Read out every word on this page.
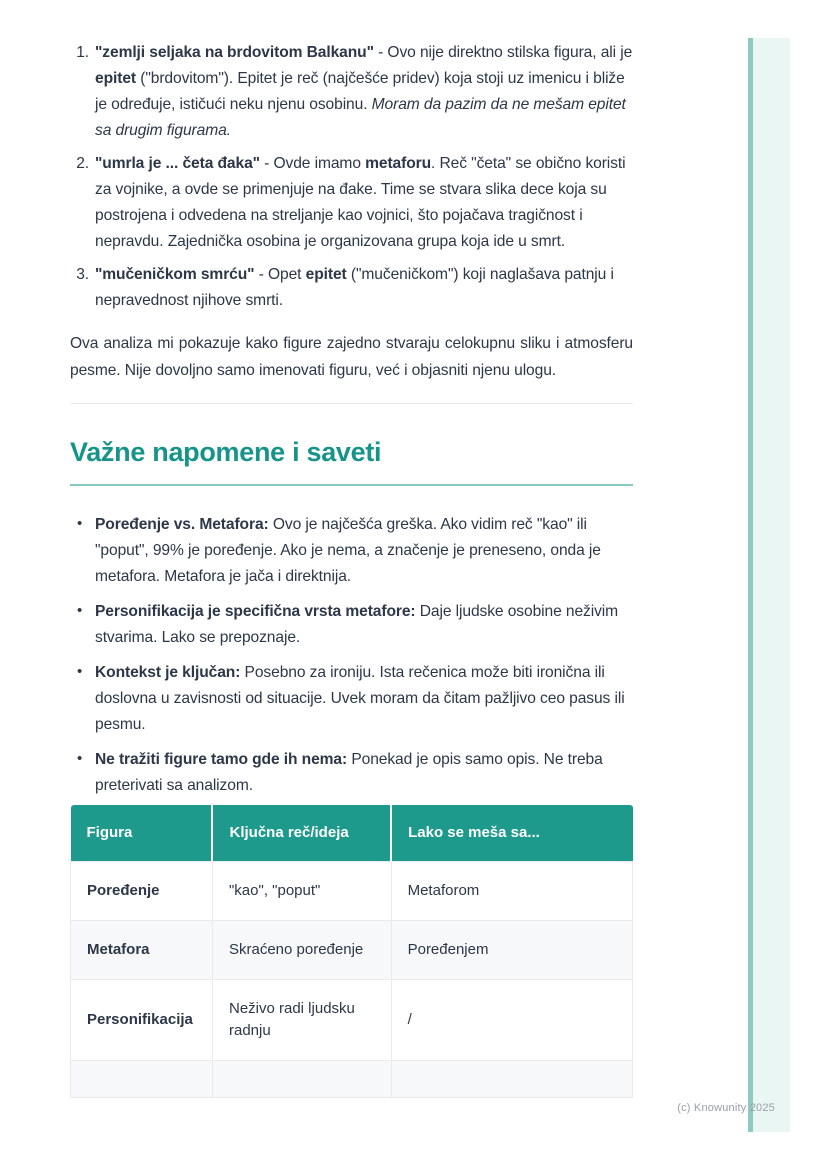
1. "zemlji seljaka na brdovitom Balkanu" - Ovo nije direktno stilska figura, ali je epitet ("brdovitom"). Epitet je reč (najčešće pridev) koja stoji uz imenicu i bliže je određuje, ističući neku njenu osobinu. Moram da pazim da ne mešam epitet sa drugim figurama.
2. "umrla je ... četa đaka" - Ovde imamo metaforu. Reč "četa" se obično koristi za vojnike, a ovde se primenjuje na đake. Time se stvara slika dece koja su postrojena i odvedena na streljanje kao vojnici, što pojačava tragičnost i nepravdu. Zajednička osobina je organizovana grupa koja ide u smrt.
3. "mučeničkom smrću" - Opet epitet ("mučeničkom") koji naglašava patnju i nepravednost njihove smrti.

Ova analiza mi pokazuje kako figure zajedno stvaraju celokupnu sliku i atmosferu pesme. Nije dovoljno samo imenovati figuru, već i objasniti njenu ulogu.

Važne napomene i saveti
• Poređenje vs. Metafora: Ovo je najčešća greška. Ako vidim reč "kao" ili "poput", 99% je poređenje. Ako je nema, a značenje je preneseno, onda je metafora. Metafora je jača i direktnija.
• Personifikacija je specifična vrsta metafore: Daje ljudske osobine neživim stvarima. Lako se prepoznaje.
• Kontekst je ključan: Posebno za ironiju. Ista rečenica može biti ironična ili doslovna u zavisnosti od situacije. Uvek moram da čitam pažljivo ceo pasus ili pesmu.
• Ne tražiti figure tamo gde ih nema: Ponekad je opis samo opis. Ne treba preterivati sa analizom.
Figura	Ključna reč/ideja	Lako se meša sa...
Poređenje	"kao", "poput"	Metaforom
Metafora	Skraćeno poređenje	Poređenjem
Personifikacija	Neživo radi ljudsku radnju	/

(c) Knowunity 2025
